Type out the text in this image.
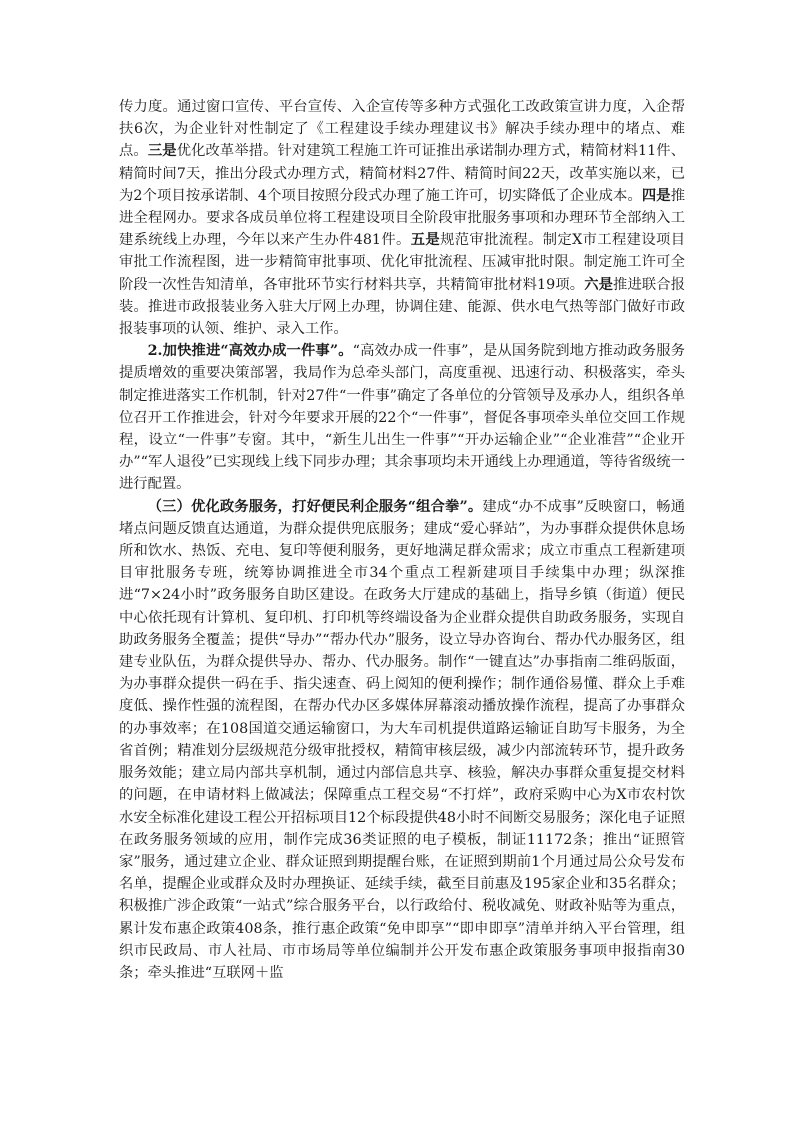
传力度。通过窗口宣传、平台宣传、入企宣传等多种方式强化工改政策宣讲力度，入企帮扶6次，为企业针对性制定了《工程建设手续办理建议书》解决手续办理中的堵点、难点。三是优化改革举措。针对建筑工程施工许可证推出承诺制办理方式，精简材料11件、精简时间7天，推出分段式办理方式，精简材料27件、精简时间22天，改革实施以来，已为2个项目按承诺制、4个项目按照分段式办理了施工许可，切实降低了企业成本。四是推进全程网办。要求各成员单位将工程建设项目全阶段审批服务事项和办理环节全部纳入工建系统线上办理，今年以来产生办件481件。五是规范审批流程。制定X市工程建设项目审批工作流程图，进一步精简审批事项、优化审批流程、压减审批时限。制定施工许可全阶段一次性告知清单，各审批环节实行材料共享，共精简审批材料19项。六是推进联合报装。推进市政报装业务入驻大厅网上办理，协调住建、能源、供水电气热等部门做好市政报装事项的认领、维护、录入工作。

2.加快推进“高效办成一件事”。“高效办成一件事”，是从国务院到地方推动政务服务提质增效的重要决策部署，我局作为总牵头部门，高度重视、迅速行动、积极落实，牵头制定推进落实工作机制，针对27件“一件事”确定了各单位的分管领导及承办人，组织各单位召开工作推进会，针对今年要求开展的22个“一件事”，督促各事项牵头单位交回工作规程，设立“一件事”专窗。其中，“新生儿出生一件事”“开办运输企业”“企业准营”“企业开办”“军人退役”已实现线上线下同步办理；其余事项均未开通线上办理通道，等待省级统一进行配置。

（三）优化政务服务，打好便民利企服务“组合拳”。建成“办不成事”反映窗口，畅通堵点问题反馈直达通道，为群众提供兜底服务；建成“爱心驿站”，为办事群众提供休息场所和饮水、热饭、充电、复印等便利服务，更好地满足群众需求；成立市重点工程新建项目审批服务专班，统筹协调推进全市34个重点工程新建项目手续集中办理；纵深推进“7×24小时”政务服务自助区建设。在政务大厅建成的基础上，指导乡镇（街道）便民中心依托现有计算机、复印机、打印机等终端设备为企业群众提供自助政务服务，实现自助政务服务全覆盖；提供“导办”“帮办代办”服务，设立导办咨询台、帮办代办服务区，组建专业队伍，为群众提供导办、帮办、代办服务。制作“一键直达”办事指南二维码版面，为办事群众提供一码在手、指尖速查、码上阅知的便利操作；制作通俗易懂、群众上手难度低、操作性强的流程图，在帮办代办区多媒体屏幕滚动播放操作流程，提高了办事群众的办事效率；在108国道交通运输窗口，为大车司机提供道路运输证自助写卡服务，为全省首例；精准划分层级规范分级审批授权，精简审核层级，减少内部流转环节，提升政务服务效能；建立局内部共享机制，通过内部信息共享、核验，解决办事群众重复提交材料的问题，在申请材料上做减法；保障重点工程交易“不打烊”，政府采购中心为X市农村饮水安全标准化建设工程公开招标项目12个标段提供48小时不间断交易服务；深化电子证照在政务服务领域的应用，制作完成36类证照的电子模板，制证11172条；推出“证照管家”服务，通过建立企业、群众证照到期提醒台账，在证照到期前1个月通过局公众号发布名单，提醒企业或群众及时办理换证、延续手续，截至目前惠及195家企业和35名群众；积极推广涉企政策“一站式”综合服务平台，以行政给付、税收减免、财政补贴等为重点，累计发布惠企政策408条，推行惠企政策“免申即享”“即申即享”清单并纳入平台管理，组织市民政局、市人社局、市市场局等单位编制并公开发布惠企政策服务事项申报指南30条；牵头推进“互联网＋监
